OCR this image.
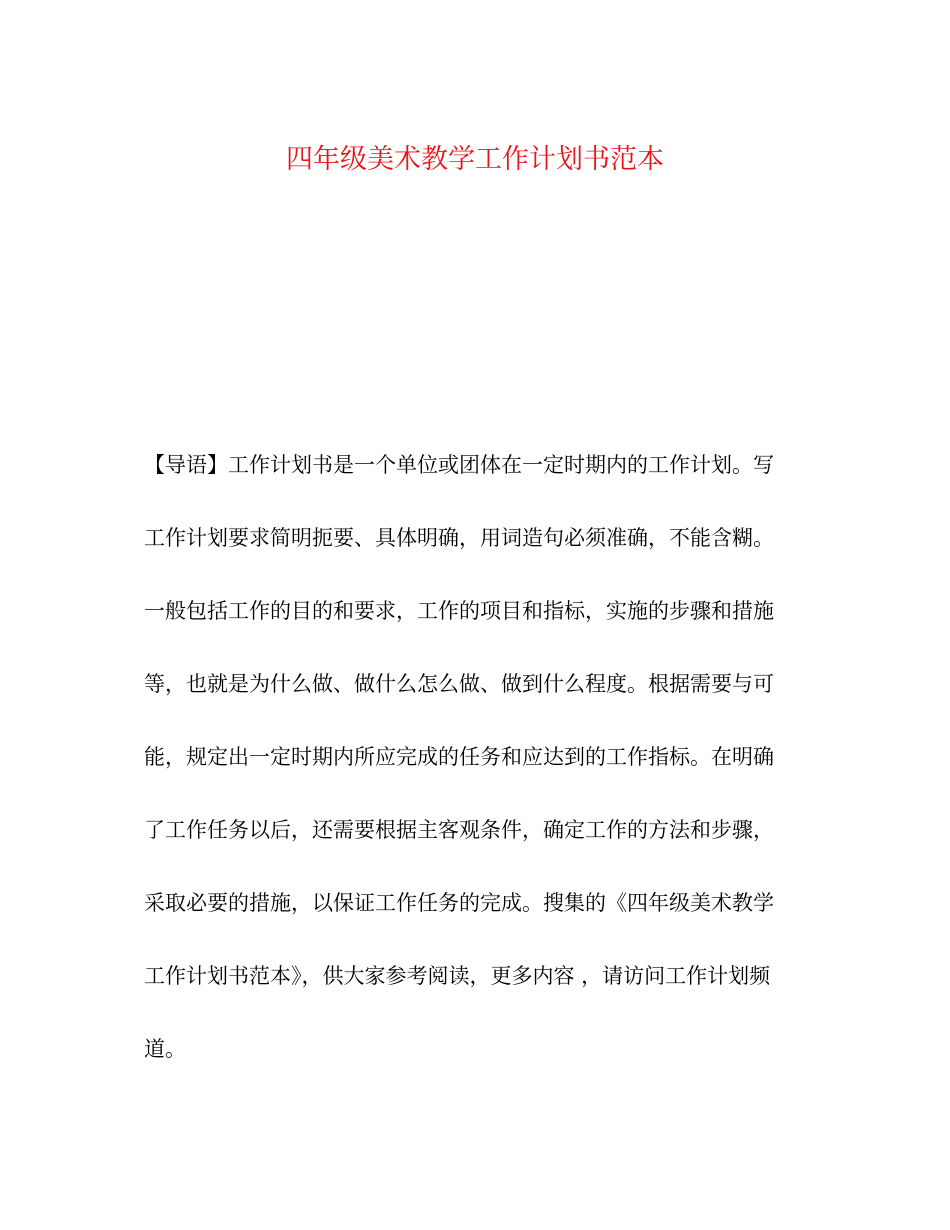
四年级美术教学工作计划书范本
【导语】工作计划书是一个单位或团体在一定时期内的工作计划。写
工作计划要求简明扼要、具体明确，用词造句必须准确，不能含糊。
一般包括工作的目的和要求，工作的项目和指标，实施的步骤和措施
等，也就是为什么做、做什么怎么做、做到什么程度。根据需要与可
能，规定出一定时期内所应完成的任务和应达到的工作指标。在明确
了工作任务以后，还需要根据主客观条件，确定工作的方法和步骤，
采取必要的措施，以保证工作任务的完成。搜集的《四年级美术教学
工作计划书范本》，供大家参考阅读，更多内容 ，请访问工作计划频
道。
